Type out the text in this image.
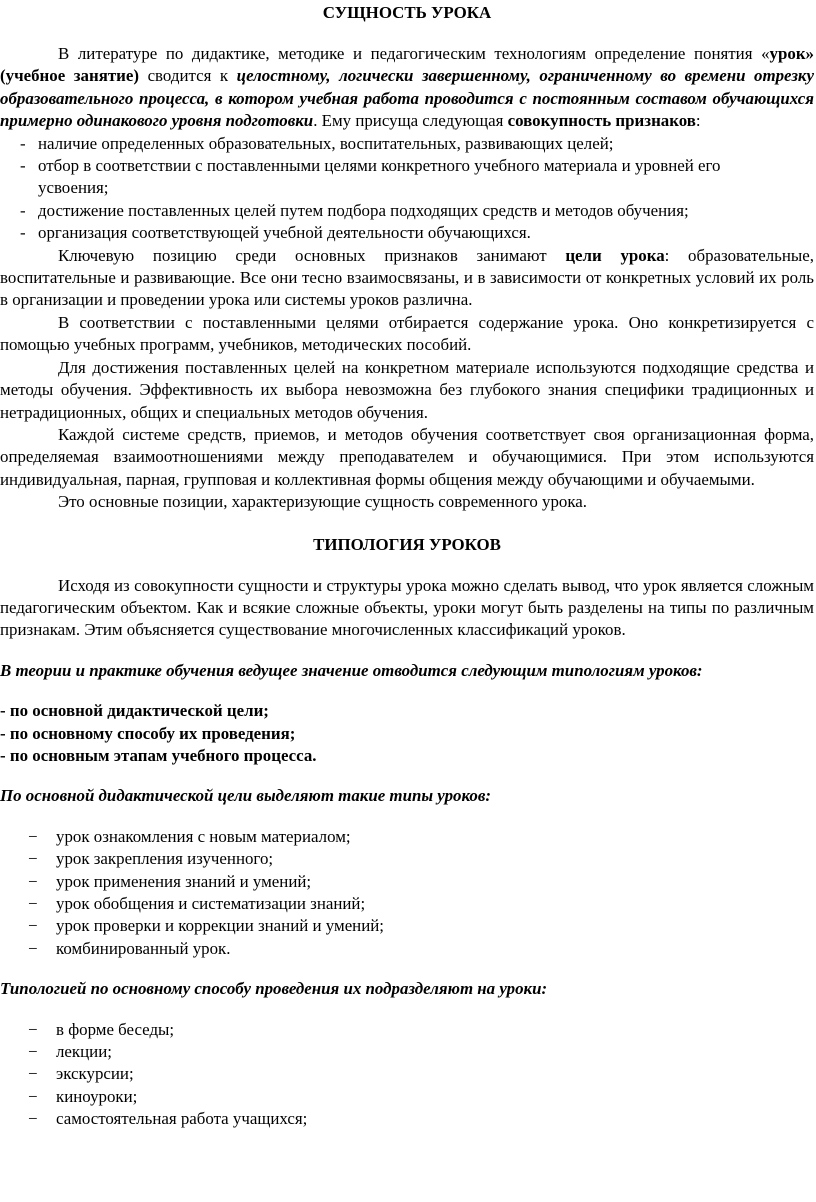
СУЩНОСТЬ УРОКА

В литературе по дидактике, методике и педагогическим технологиям определение понятия «урок» (учебное занятие) сводится к целостному, логически завершенному, ограниченному во времени отрезку образовательного процесса, в котором учебная работа проводится с постоянным составом обучающихся примерно одинакового уровня подготовки. Ему присуща следующая совокупность признаков:

- наличие определенных образовательных, воспитательных, развивающих целей;
- отбор в соответствии с поставленными целями конкретного учебного материала и уровней его усвоения;
- достижение поставленных целей путем подбора подходящих средств и методов обучения;
- организация соответствующей учебной деятельности обучающихся.

Ключевую позицию среди основных признаков занимают цели урока: образовательные, воспитательные и развивающие. Все они тесно взаимосвязаны, и в зависимости от конкретных условий их роль в организации и проведении урока или системы уроков различна.

В соответствии с поставленными целями отбирается содержание урока. Оно конкретизируется с помощью учебных программ, учебников, методических пособий.

Для достижения поставленных целей на конкретном материале используются подходящие средства и методы обучения. Эффективность их выбора невозможна без глубокого знания специфики традиционных и нетрадиционных, общих и специальных методов обучения.

Каждой системе средств, приемов, и методов обучения соответствует своя организационная форма, определяемая взаимоотношениями между преподавателем и обучающимися. При этом используются индивидуальная, парная, групповая и коллективная формы общения между обучающими и обучаемыми.

Это основные позиции, характеризующие сущность современного урока.

ТИПОЛОГИЯ УРОКОВ

Исходя из совокупности сущности и структуры урока можно сделать вывод, что урок является сложным педагогическим объектом. Как и всякие сложные объекты, уроки могут быть разделены на типы по различным признакам. Этим объясняется существование многочисленных классификаций уроков.

В теории и практике обучения ведущее значение отводится следующим типологиям уроков:

- по основной дидактической цели;

- по основному способу их проведения;

- по основным этапам учебного процесса.

По основной дидактической цели выделяют такие типы уроков:

− урок ознакомления с новым материалом;
− урок закрепления изученного;
− урок применения знаний и умений;
− урок обобщения и систематизации знаний;
− урок проверки и коррекции знаний и умений;
− комбинированный урок.

Типологией по основному способу проведения их подразделяют на уроки:

− в форме беседы;
− лекции;
− экскурсии;
− киноуроки;
− самостоятельная работа учащихся;
